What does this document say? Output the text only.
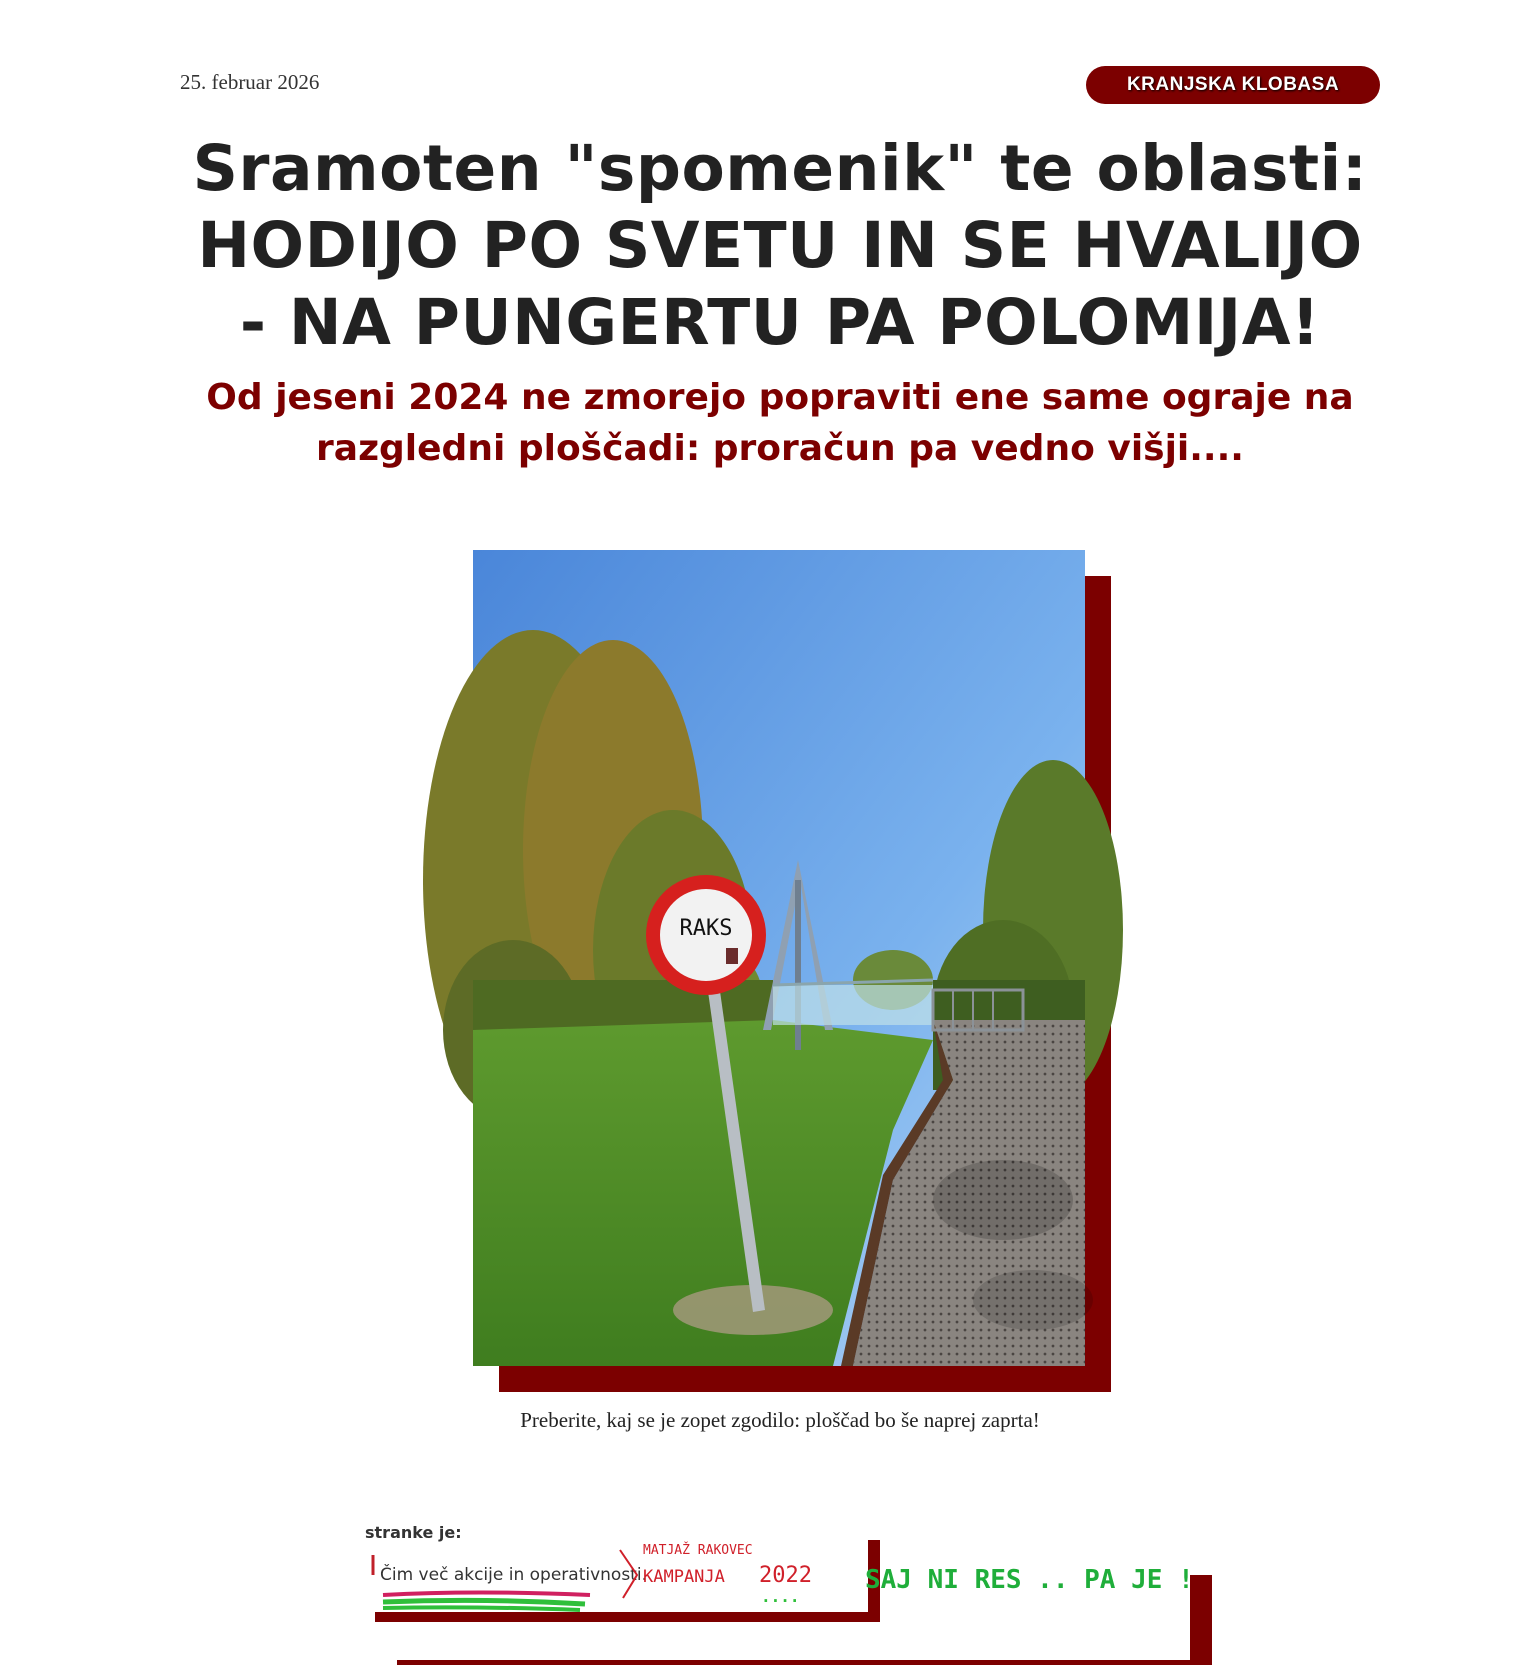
25. februar 2026	KRANJSKA KLOBASA
Sramoten "spomenik" te oblasti:
HODIJO PO SVETU IN SE HVALIJO
- NA PUNGERTU PA POLOMIJA!
Od jeseni 2024 ne zmorejo popraviti ene same ograje na
razgledni ploščadi: proračun pa vedno višji....
RAKS
Preberite, kaj se je zopet zgodilo: ploščad bo še naprej zaprta!
stranke je:
Čim več akcije in operativnosti.
MATJAŽ RAKOVEC
KAMPANJA 2022
....
SAJ NI RES .. PA JE !
